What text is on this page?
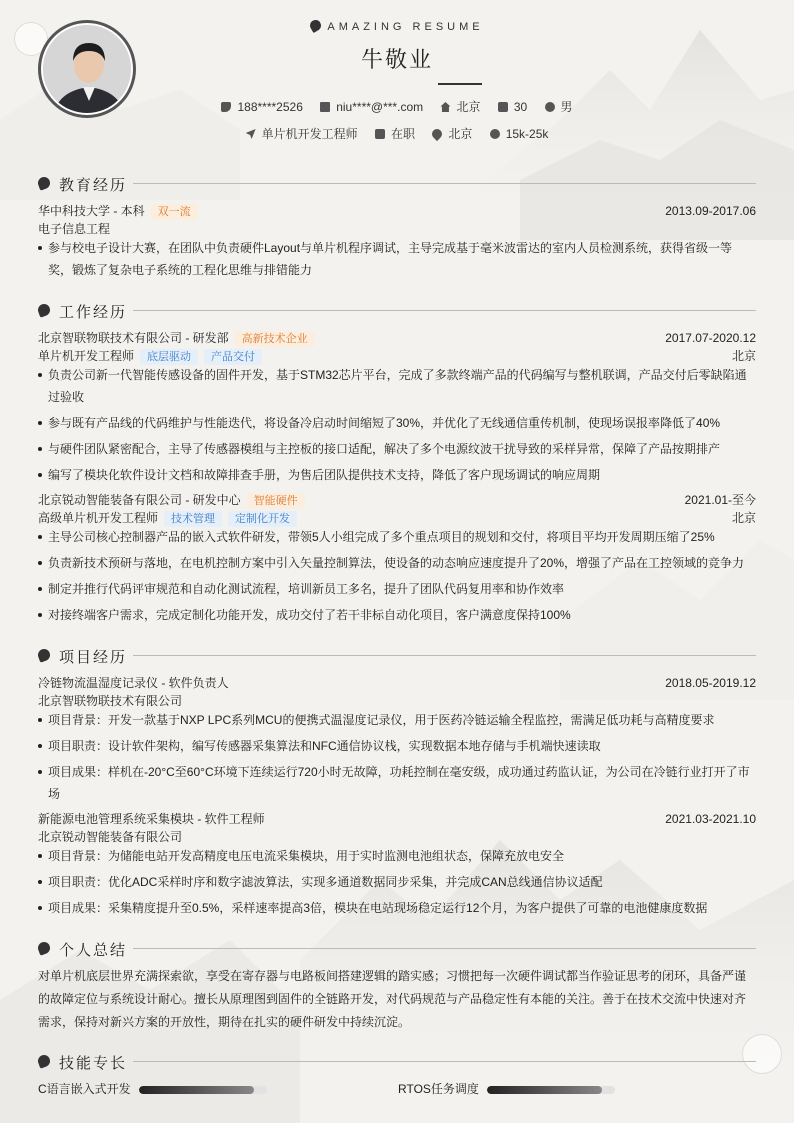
AMAZING RESUME
牛敬业
188****2526	niu****@***.com	北京	30	男
单片机开发工程师	在职	北京	15k-25k
教育经历
华中科技大学 - 本科 双一流	2013.09-2017.06
电子信息工程
参与校电子设计大赛，在团队中负责硬件Layout与单片机程序调试，主导完成基于毫米波雷达的室内人员检测系统，获得省级一等奖，锻炼了复杂电子系统的工程化思维与排错能力
工作经历
北京智联物联技术有限公司 - 研发部 高新技术企业	2017.07-2020.12
单片机开发工程师 底层驱动 产品交付	北京
负责公司新一代智能传感设备的固件开发，基于STM32芯片平台，完成了多款终端产品的代码编写与整机联调，产品交付后零缺陷通过验收
参与既有产品线的代码维护与性能迭代，将设备冷启动时间缩短了30%，并优化了无线通信重传机制，使现场误报率降低了40%
与硬件团队紧密配合，主导了传感器模组与主控板的接口适配，解决了多个电源纹波干扰导致的采样异常，保障了产品按期排产
编写了模块化软件设计文档和故障排查手册，为售后团队提供技术支持，降低了客户现场调试的响应周期
北京锐动智能装备有限公司 - 研发中心 智能硬件	2021.01-至今
高级单片机开发工程师 技术管理 定制化开发	北京
主导公司核心控制器产品的嵌入式软件研发，带领5人小组完成了多个重点项目的规划和交付，将项目平均开发周期压缩了25%
负责新技术预研与落地，在电机控制方案中引入矢量控制算法，使设备的动态响应速度提升了20%，增强了产品在工控领域的竞争力
制定并推行代码评审规范和自动化测试流程，培训新员工多名，提升了团队代码复用率和协作效率
对接终端客户需求，完成定制化功能开发，成功交付了若干非标自动化项目，客户满意度保持100%
项目经历
冷链物流温湿度记录仪 - 软件负责人	2018.05-2019.12
北京智联物联技术有限公司
项目背景：开发一款基于NXP LPC系列MCU的便携式温湿度记录仪，用于医药冷链运输全程监控，需满足低功耗与高精度要求
项目职责：设计软件架构，编写传感器采集算法和NFC通信协议栈，实现数据本地存储与手机端快速读取
项目成果：样机在-20°C至60°C环境下连续运行720小时无故障，功耗控制在毫安级，成功通过药监认证，为公司在冷链行业打开了市场
新能源电池管理系统采集模块 - 软件工程师	2021.03-2021.10
北京锐动智能装备有限公司
项目背景：为储能电站开发高精度电压电流采集模块，用于实时监测电池组状态，保障充放电安全
项目职责：优化ADC采样时序和数字滤波算法，实现多通道数据同步采集，并完成CAN总线通信协议适配
项目成果：采集精度提升至0.5%，采样速率提高3倍，模块在电站现场稳定运行12个月，为客户提供了可靠的电池健康度数据
个人总结
对单片机底层世界充满探索欲，享受在寄存器与电路板间搭建逻辑的踏实感；习惯把每一次硬件调试都当作验证思考的闭环，具备严谨的故障定位与系统设计耐心。擅长从原理图到固件的全链路开发，对代码规范与产品稳定性有本能的关注。善于在技术交流中快速对齐需求，保持对新兴方案的开放性，期待在扎实的硬件研发中持续沉淀。
技能专长
C语言嵌入式开发	RTOS任务调度
